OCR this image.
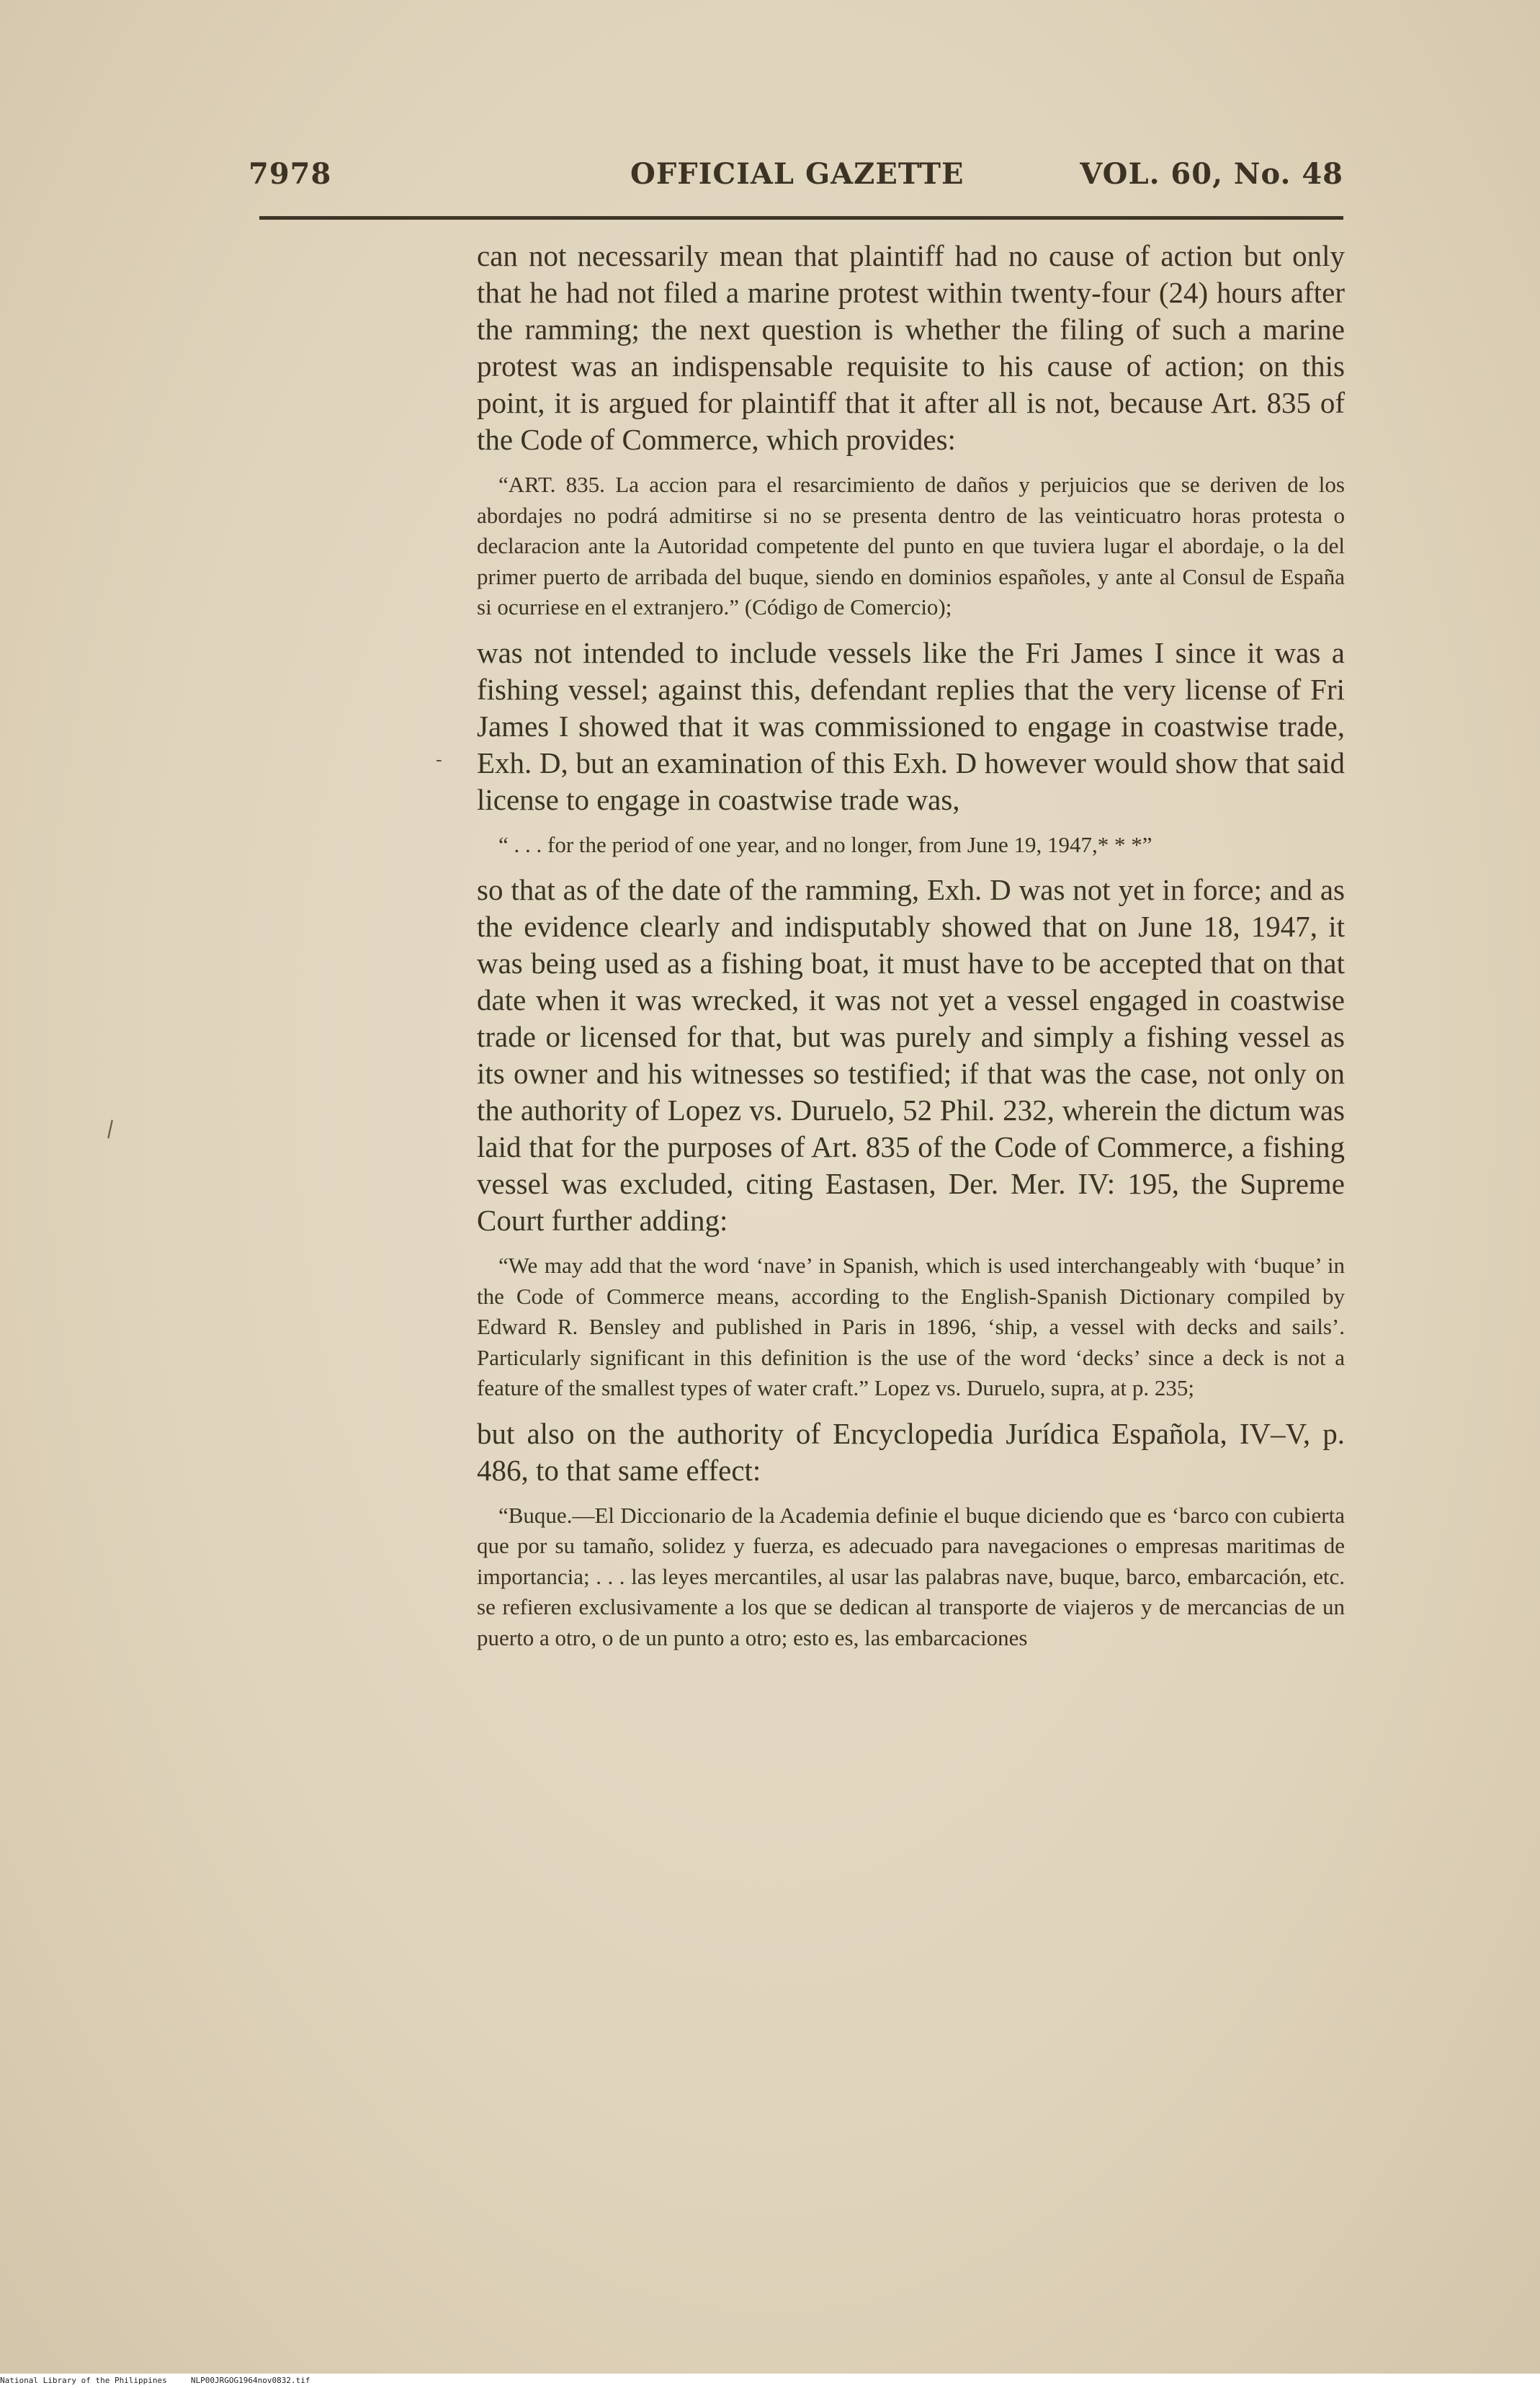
7978	OFFICIAL GAZETTE	VOL. 60, No. 48
-
\

can not necessarily mean that plaintiff had no cause of action but only that he had not filed a marine protest within twenty-four (24) hours after the ramming; the next question is whether the filing of such a marine protest was an indispensable requisite to his cause of action; on this point, it is argued for plaintiff that it after all is not, because Art. 835 of the Code of Commerce, which provides:

“ART. 835. La accion para el resarcimiento de daños y perjuicios que se deriven de los abordajes no podrá admitirse si no se presenta dentro de las veinticuatro horas protesta o declaracion ante la Autoridad competente del punto en que tuviera lugar el abordaje, o la del primer puerto de arribada del buque, siendo en dominios españoles, y ante al Consul de España si ocurriese en el extranjero.” (Código de Comercio);

was not intended to include vessels like the Fri James I since it was a fishing vessel; against this, defendant replies that the very license of Fri James I showed that it was commissioned to engage in coastwise trade, Exh. D, but an examination of this Exh. D however would show that said license to engage in coastwise trade was,

“ . . . for the period of one year, and no longer, from June 19, 1947,* * *”

so that as of the date of the ramming, Exh. D was not yet in force; and as the evidence clearly and indisputably showed that on June 18, 1947, it was being used as a fishing boat, it must have to be accepted that on that date when it was wrecked, it was not yet a vessel engaged in coastwise trade or licensed for that, but was purely and simply a fishing vessel as its owner and his witnesses so testified; if that was the case, not only on the authority of Lopez vs. Duruelo, 52 Phil. 232, wherein the dictum was laid that for the purposes of Art. 835 of the Code of Commerce, a fishing vessel was excluded, citing Eastasen, Der. Mer. IV: 195, the Supreme Court further adding:

“We may add that the word ‘nave’ in Spanish, which is used interchangeably with ‘buque’ in the Code of Commerce means, according to the English-Spanish Dictionary compiled by Edward R. Bensley and published in Paris in 1896, ‘ship, a vessel with decks and sails’. Particularly significant in this definition is the use of the word ‘decks’ since a deck is not a feature of the smallest types of water craft.” Lopez vs. Duruelo, supra, at p. 235;

but also on the authority of Encyclopedia Jurídica Española, IV–V, p. 486, to that same effect:

“Buque.—El Diccionario de la Academia definie el buque diciendo que es ‘barco con cubierta que por su tamaño, solidez y fuerza, es adecuado para navegaciones o empresas maritimas de importancia; . . . las leyes mercantiles, al usar las palabras nave, buque, barco, embarcación, etc. se refieren exclusivamente a los que se dedican al transporte de viajeros y de mercancias de un puerto a otro, o de un punto a otro; esto es, las embarcaciones

National Library of the Philippines     NLP00JRGOG1964nov0832.tif
